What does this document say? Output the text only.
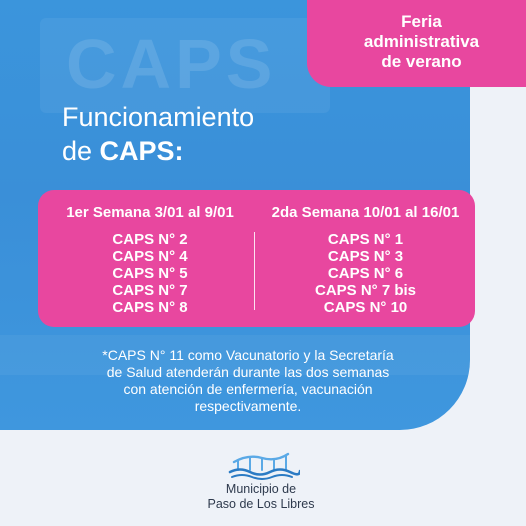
CAPS
Feria
administrativa
de verano
Funcionamiento
de CAPS:
1er Semana 3/01 al 9/01
CAPS N° 2
CAPS N° 4
CAPS N° 5
CAPS N° 7
CAPS N° 8
2da Semana 10/01 al 16/01
CAPS N° 1
CAPS N° 3
CAPS N° 6
CAPS N° 7 bis
CAPS N° 10
*CAPS N° 11 como Vacunatorio y la Secretaría
de Salud atenderán durante las dos semanas
con atención de enfermería, vacunación
respectivamente.
Municipio de
Paso de Los Libres
